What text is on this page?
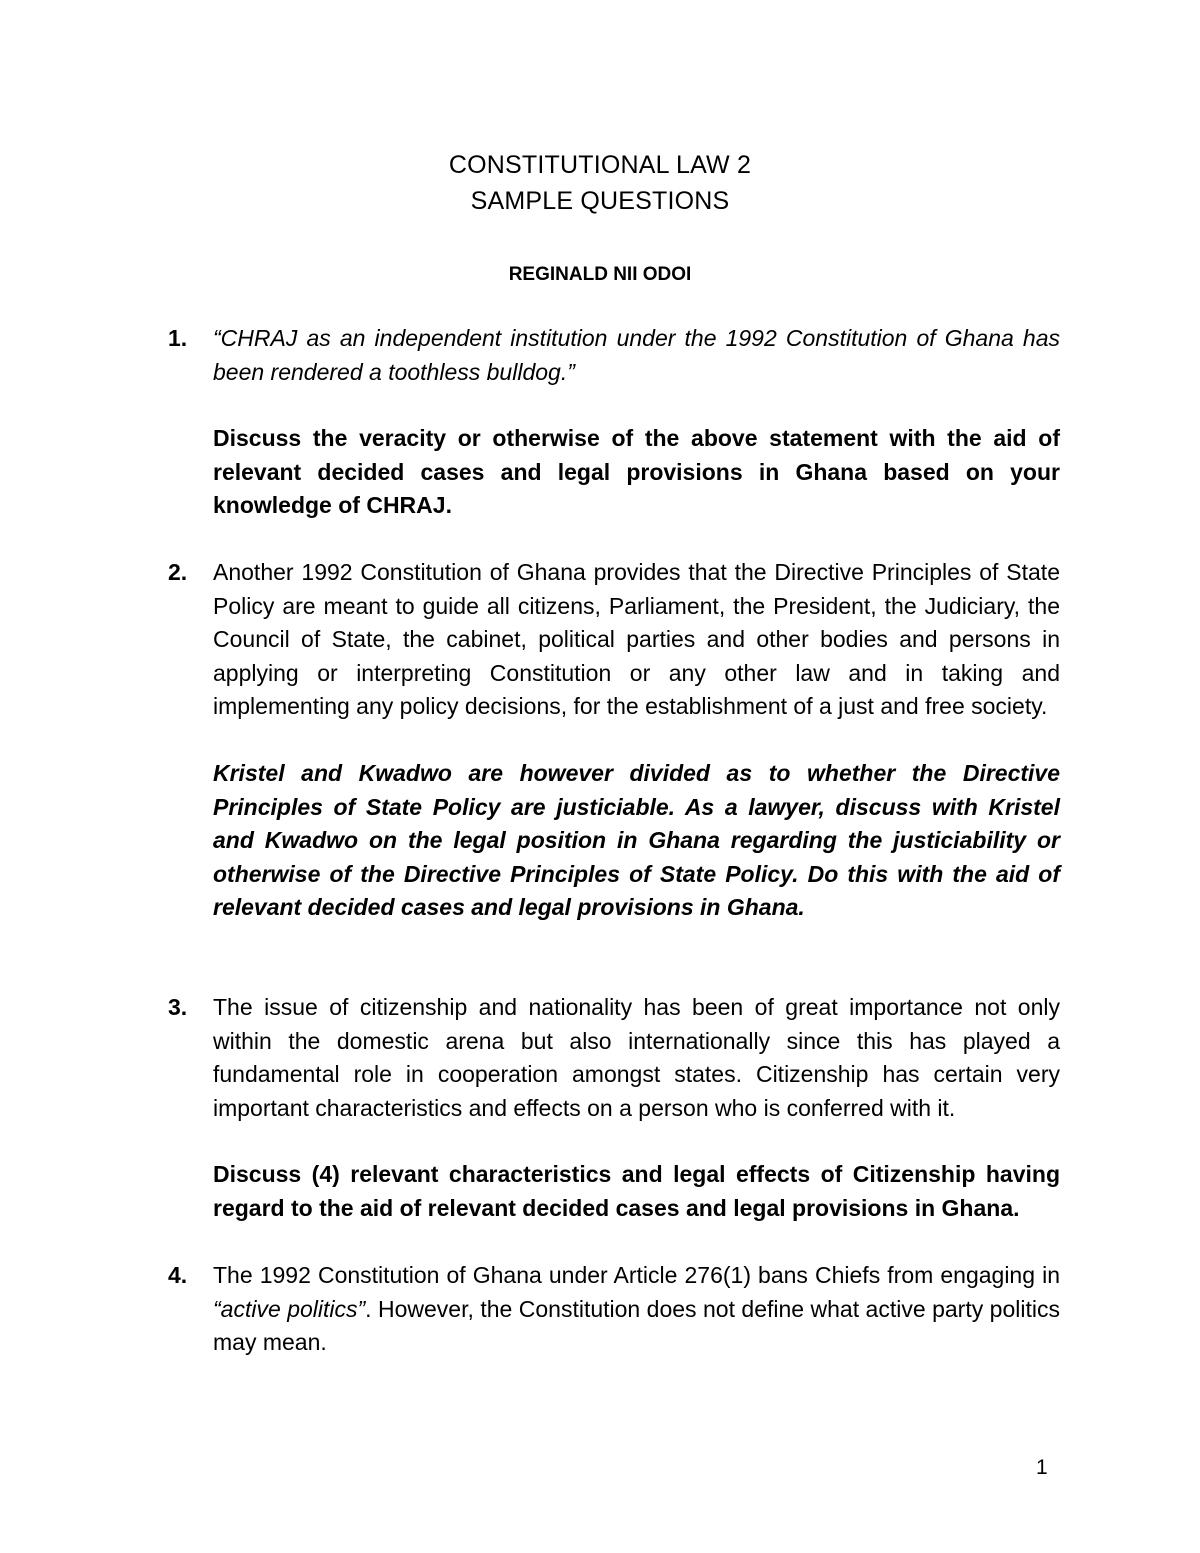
CONSTITUTIONAL LAW 2
SAMPLE QUESTIONS
REGINALD NII ODOI
1. “CHRAJ as an independent institution under the 1992 Constitution of Ghana has been rendered a toothless bulldog.”

Discuss the veracity or otherwise of the above statement with the aid of relevant decided cases and legal provisions in Ghana based on your knowledge of CHRAJ.

2. Another 1992 Constitution of Ghana provides that the Directive Principles of State Policy are meant to guide all citizens, Parliament, the President, the Judiciary, the Council of State, the cabinet, political parties and other bodies and persons in applying or interpreting Constitution or any other law and in taking and implementing any policy decisions, for the establishment of a just and free society.

Kristel and Kwadwo are however divided as to whether the Directive Principles of State Policy are justiciable. As a lawyer, discuss with Kristel and Kwadwo on the legal position in Ghana regarding the justiciability or otherwise of the Directive Principles of State Policy. Do this with the aid of relevant decided cases and legal provisions in Ghana.

3. The issue of citizenship and nationality has been of great importance not only within the domestic arena but also internationally since this has played a fundamental role in cooperation amongst states. Citizenship has certain very important characteristics and effects on a person who is conferred with it.

Discuss (4) relevant characteristics and legal effects of Citizenship having regard to the aid of relevant decided cases and legal provisions in Ghana.

4. The 1992 Constitution of Ghana under Article 276(1) bans Chiefs from engaging in “active politics”. However, the Constitution does not define what active party politics may mean.

1
